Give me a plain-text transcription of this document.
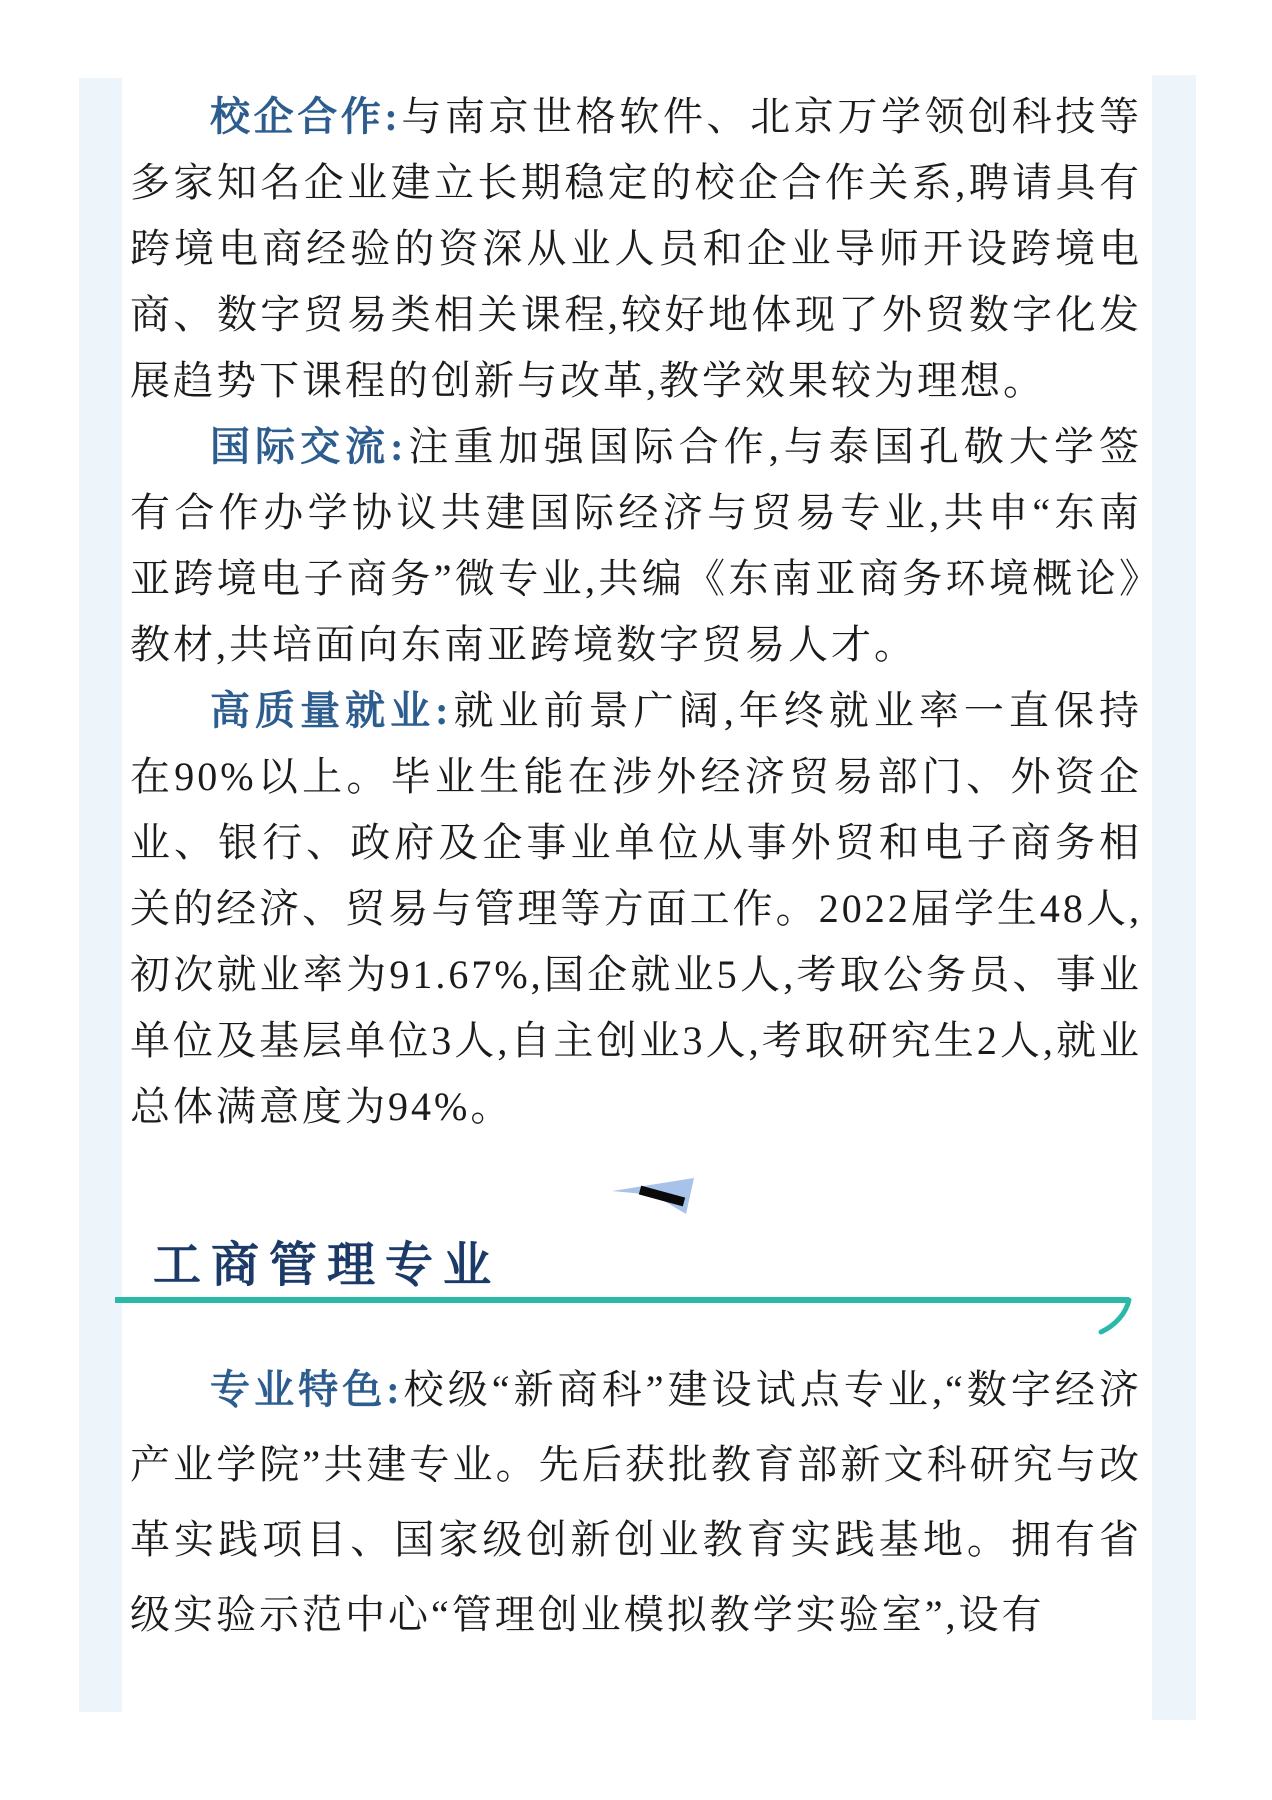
校企合作:与南京世格软件、北京万学领创科技等多家知名企业建立长期稳定的校企合作关系,聘请具有跨境电商经验的资深从业人员和企业导师开设跨境电商、数字贸易类相关课程,较好地体现了外贸数字化发展趋势下课程的创新与改革,教学效果较为理想。

国际交流:注重加强国际合作,与泰国孔敬大学签有合作办学协议共建国际经济与贸易专业,共申“东南亚跨境电子商务”微专业,共编《东南亚商务环境概论》教材,共培面向东南亚跨境数字贸易人才。

高质量就业:就业前景广阔,年终就业率一直保持在90%以上。毕业生能在涉外经济贸易部门、外资企业、银行、政府及企事业单位从事外贸和电子商务相关的经济、贸易与管理等方面工作。2022届学生48人,初次就业率为91.67%,国企就业5人,考取公务员、事业单位及基层单位3人,自主创业3人,考取研究生2人,就业总体满意度为94%。

工商管理专业

专业特色:校级“新商科”建设试点专业,“数字经济产业学院”共建专业。先后获批教育部新文科研究与改革实践项目、国家级创新创业教育实践基地。拥有省级实验示范中心“管理创业模拟教学实验室”,设有
